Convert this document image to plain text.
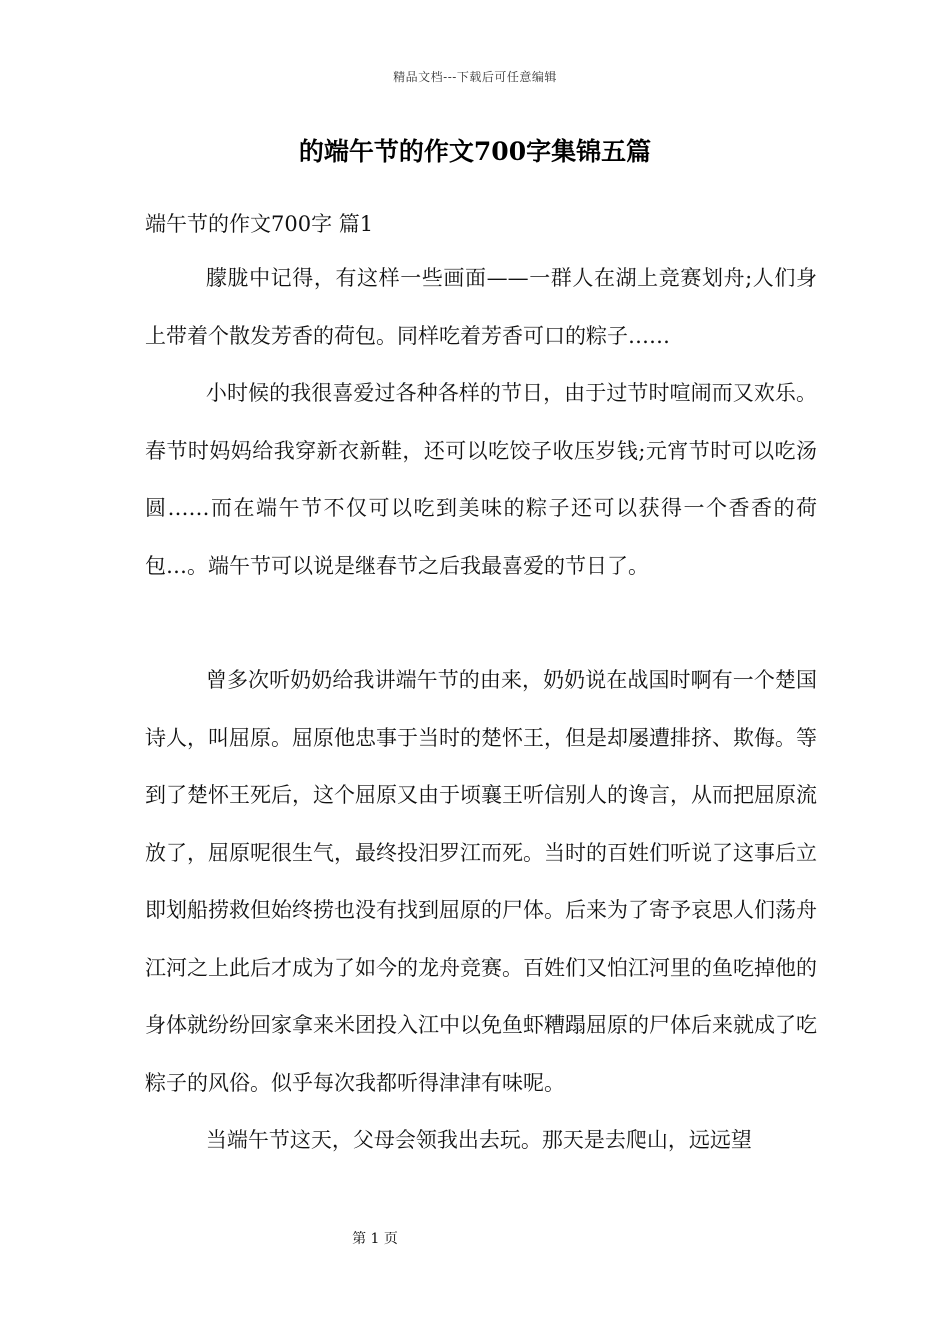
精品文档---下载后可任意编辑
的端午节的作文700字集锦五篇
端午节的作文700字 篇1

朦胧中记得，有这样一些画面——一群人在湖上竞赛划舟;人们身上带着个散发芳香的荷包。同样吃着芳香可口的粽子……

小时候的我很喜爱过各种各样的节日，由于过节时喧闹而又欢乐。春节时妈妈给我穿新衣新鞋，还可以吃饺子收压岁钱;元宵节时可以吃汤圆……而在端午节不仅可以吃到美味的粽子还可以获得一个香香的荷包…。端午节可以说是继春节之后我最喜爱的节日了。

曾多次听奶奶给我讲端午节的由来，奶奶说在战国时啊有一个楚国诗人，叫屈原。屈原他忠事于当时的楚怀王，但是却屡遭排挤、欺侮。等到了楚怀王死后，这个屈原又由于顷襄王听信别人的谗言，从而把屈原流放了，屈原呢很生气，最终投汨罗江而死。当时的百姓们听说了这事后立即划船捞救但始终捞也没有找到屈原的尸体。后来为了寄予哀思人们荡舟江河之上此后才成为了如今的龙舟竞赛。百姓们又怕江河里的鱼吃掉他的身体就纷纷回家拿来米团投入江中以免鱼虾糟蹋屈原的尸体后来就成了吃粽子的风俗。似乎每次我都听得津津有味呢。

当端午节这天，父母会领我出去玩。那天是去爬山，远远望

第 1 页
